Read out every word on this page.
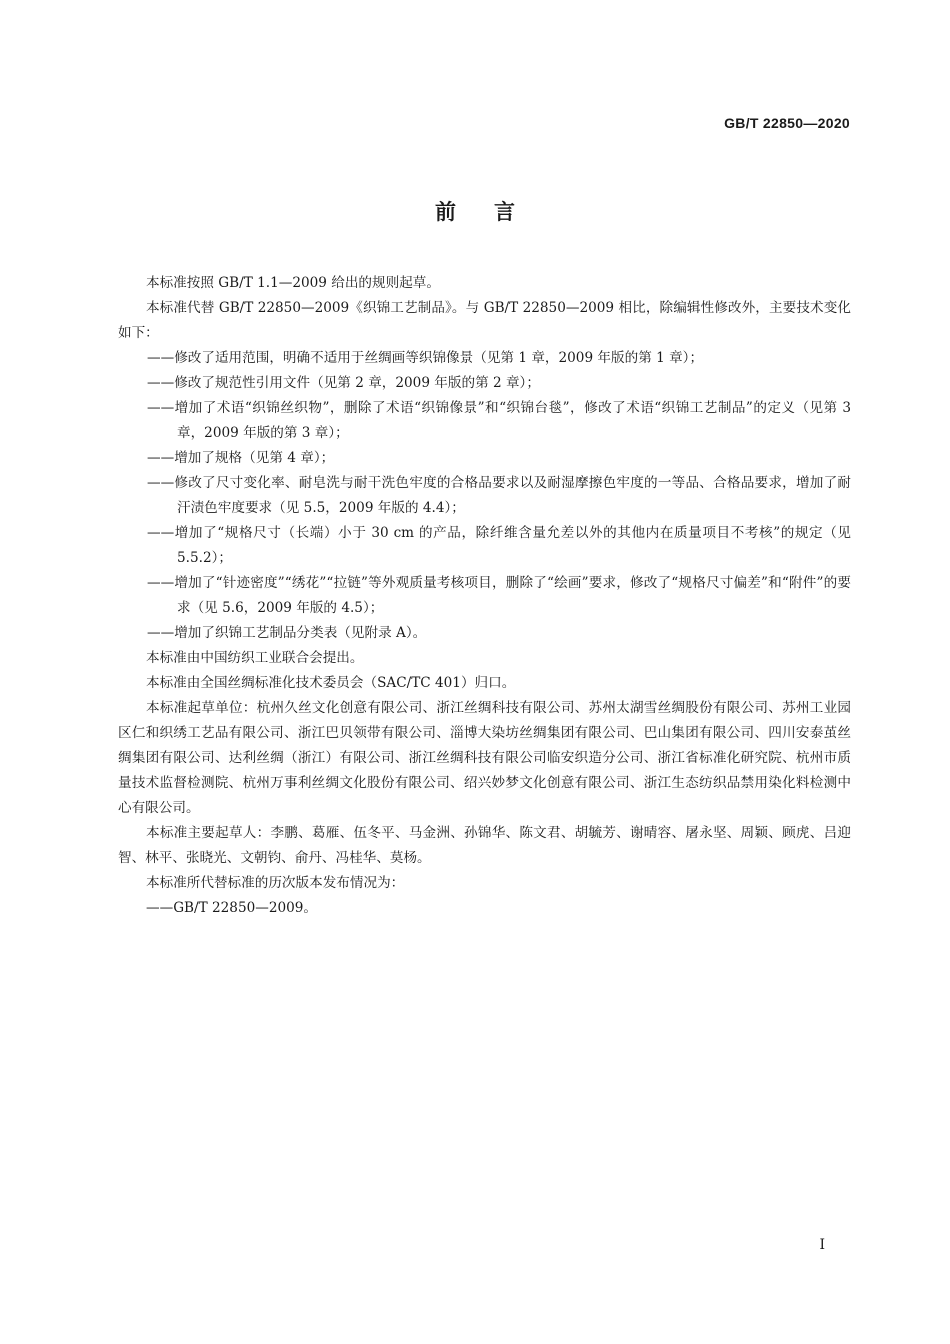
GB/T 22850—2020
前言

本标准按照 GB/T 1.1—2009 给出的规则起草。

本标准代替 GB/T 22850—2009《织锦工艺制品》。与 GB/T 22850—2009 相比，除编辑性修改外，主要技术变化如下：

——修改了适用范围，明确不适用于丝绸画等织锦像景（见第 1 章，2009 年版的第 1 章）；

——修改了规范性引用文件（见第 2 章，2009 年版的第 2 章）；

——增加了术语“织锦丝织物”，删除了术语“织锦像景”和“织锦台毯”，修改了术语“织锦工艺制品”的定义（见第 3 章，2009 年版的第 3 章）；

——增加了规格（见第 4 章）；

——修改了尺寸变化率、耐皂洗与耐干洗色牢度的合格品要求以及耐湿摩擦色牢度的一等品、合格品要求，增加了耐汗渍色牢度要求（见 5.5，2009 年版的 4.4）；

——增加了“规格尺寸（长端）小于 30 cm 的产品，除纤维含量允差以外的其他内在质量项目不考核”的规定（见 5.5.2）；

——增加了“针迹密度”“绣花”“拉链”等外观质量考核项目，删除了“绘画”要求，修改了“规格尺寸偏差”和“附件”的要求（见 5.6，2009 年版的 4.5）；

——增加了织锦工艺制品分类表（见附录 A）。

本标准由中国纺织工业联合会提出。

本标准由全国丝绸标准化技术委员会（SAC/TC 401）归口。

本标准起草单位：杭州久丝文化创意有限公司、浙江丝绸科技有限公司、苏州太湖雪丝绸股份有限公司、苏州工业园区仁和织绣工艺品有限公司、浙江巴贝领带有限公司、淄博大染坊丝绸集团有限公司、巴山集团有限公司、四川安泰茧丝绸集团有限公司、达利丝绸（浙江）有限公司、浙江丝绸科技有限公司临安织造分公司、浙江省标准化研究院、杭州市质量技术监督检测院、杭州万事利丝绸文化股份有限公司、绍兴妙梦文化创意有限公司、浙江生态纺织品禁用染化料检测中心有限公司。

本标准主要起草人：李鹏、葛雁、伍冬平、马金洲、孙锦华、陈文君、胡毓芳、谢晴容、屠永坚、周颖、顾虎、吕迎智、林平、张晓光、文朝钧、俞丹、冯桂华、莫杨。

本标准所代替标准的历次版本发布情况为：

——GB/T 22850—2009。

I
